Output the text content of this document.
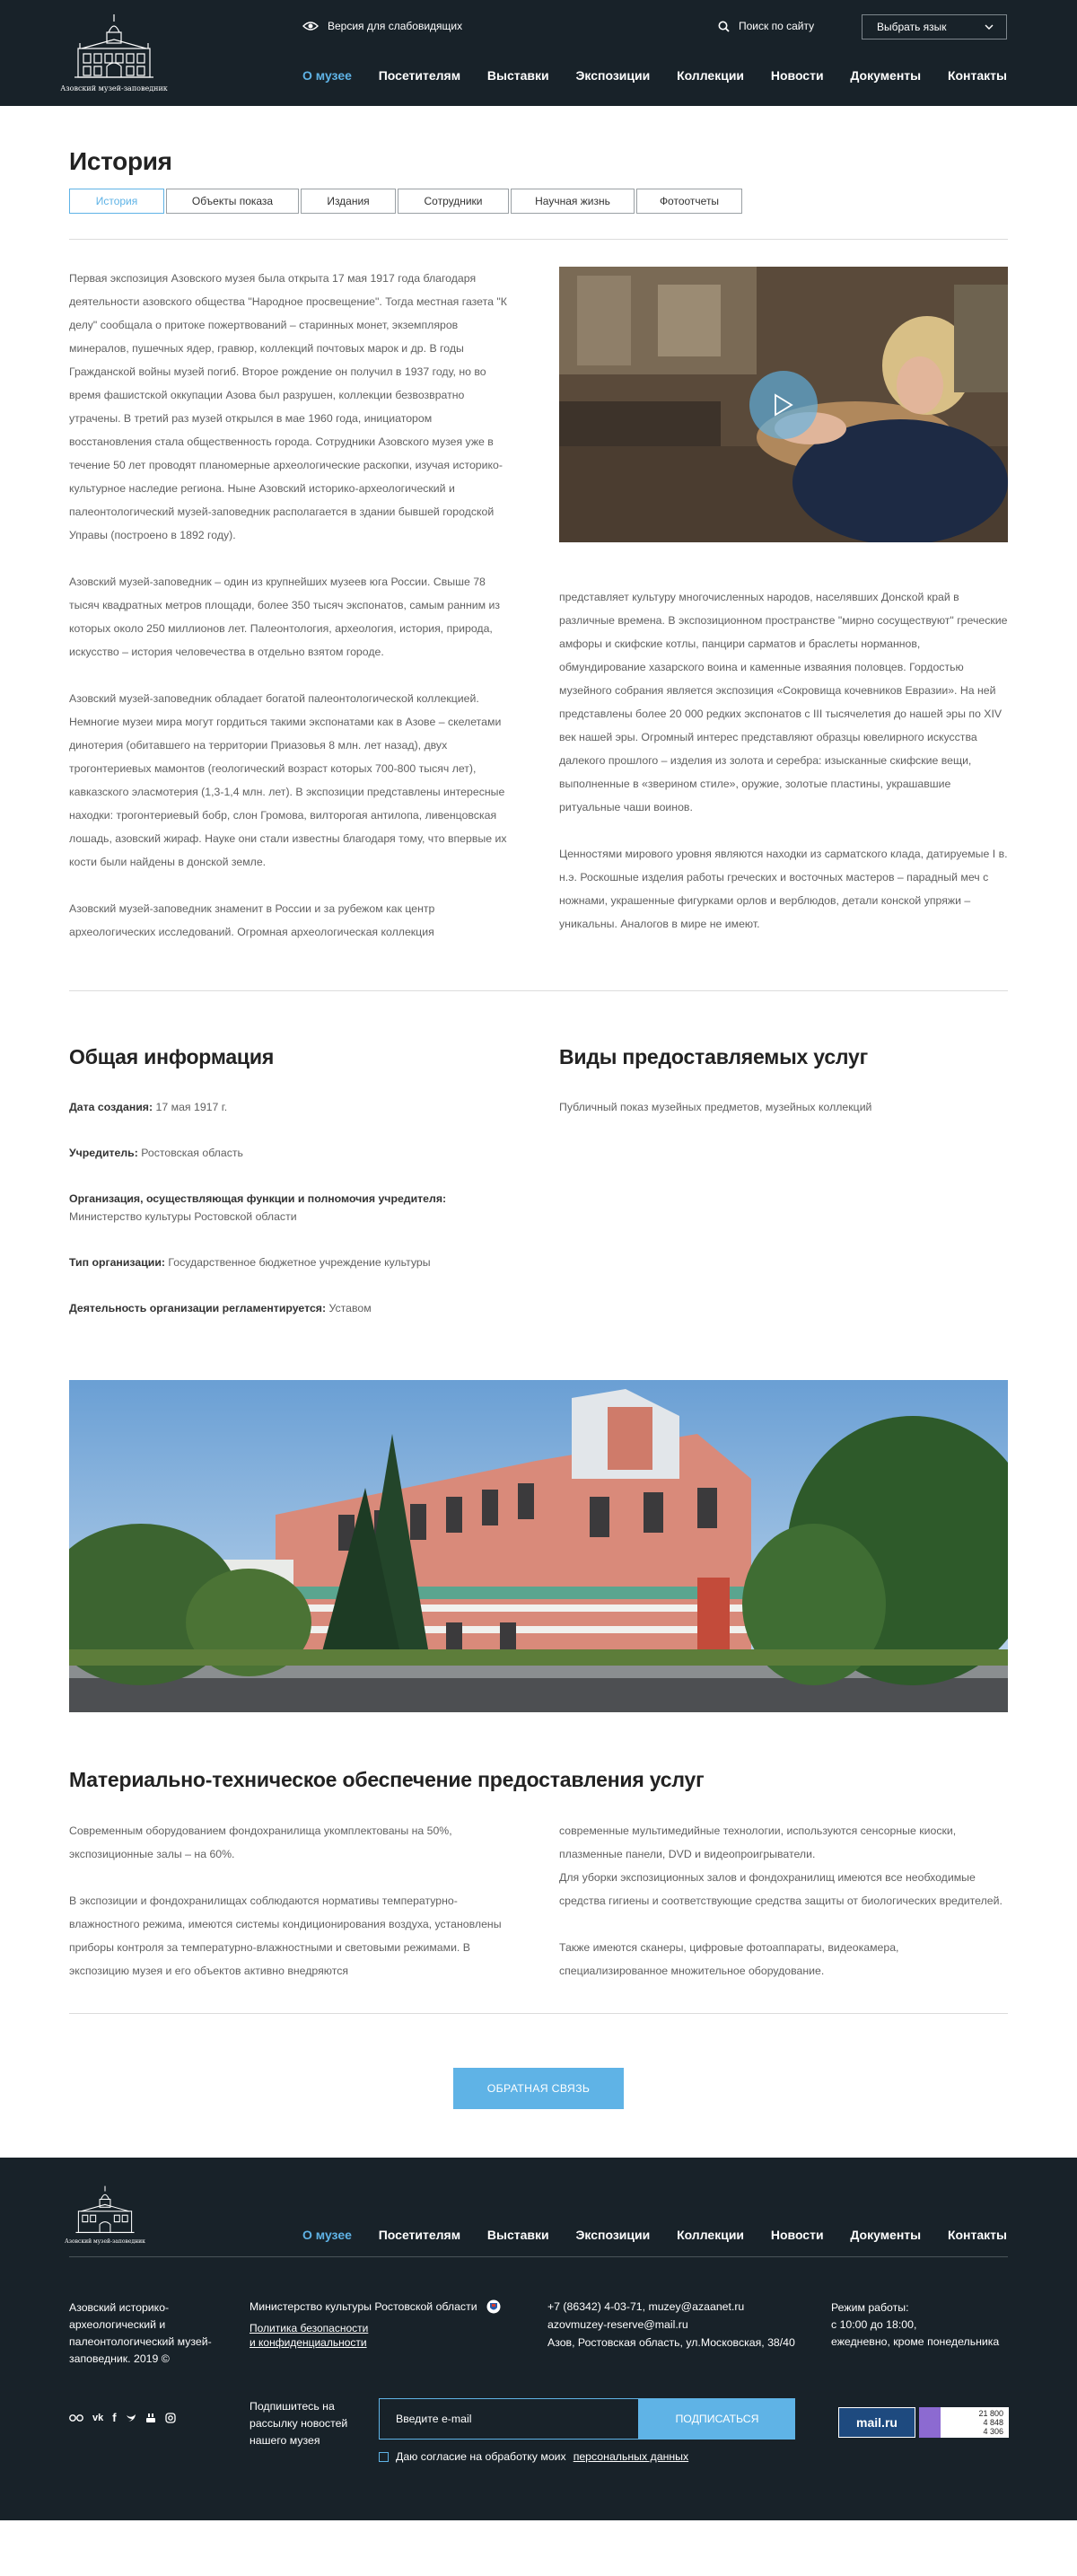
Азовский музей-заповедник
Версия для слабовидящих	Поиск по сайту	Выбрать язык
О музее Посетителям Выставки Экспозиции Коллекции Новости Документы Контакты
История
История	Объекты показа	Издания	Сотрудники	Научная жизнь	Фотоотчеты

Первая экспозиция Азовского музея была открыта 17 мая 1917 года благодаря деятельности азовского общества "Народное просвещение". Тогда местная газета "К делу" сообщала о притоке пожертвований – старинных монет, экземпляров минералов, пушечных ядер, гравюр, коллекций почтовых марок и др. В годы Гражданской войны музей погиб. Второе рождение он получил в 1937 году, но во время фашистской оккупации Азова был разрушен, коллекции безвозвратно утрачены. В третий раз музей открылся в мае 1960 года, инициатором восстановления стала общественность города. Сотрудники Азовского музея уже в течение 50 лет проводят планомерные археологические раскопки, изучая историко-культурное наследие региона. Ныне Азовский историко-археологический и палеонтологический музей-заповедник располагается в здании бывшей городской Управы (построено в 1892 году).

Азовский музей-заповедник – один из крупнейших музеев юга России. Свыше 78 тысяч квадратных метров площади, более 350 тысяч экспонатов, самым ранним из которых около 250 миллионов лет. Палеонтология, археология, история, природа, искусство – история человечества в отдельно взятом городе.

Азовский музей-заповедник обладает богатой палеонтологической коллекцией. Немногие музеи мира могут гордиться такими экспонатами как в Азове – скелетами динотерия (обитавшего на территории Приазовья 8 млн. лет назад), двух трогонтериевых мамонтов (геологический возраст которых 700-800 тысяч лет), кавказского эласмотерия (1,3-1,4 млн. лет). В экспозиции представлены интересные находки: трогонтериевый бобр, слон Громова, вилторогая антилопа, ливенцовская лошадь, азовский жираф. Науке они стали известны благодаря тому, что впервые их кости были найдены в донской земле.

Азовский музей-заповедник знаменит в России и за рубежом как центр археологических исследований. Огромная археологическая коллекция

представляет культуру многочисленных народов, населявших Донской край в различные времена. В экспозиционном пространстве "мирно сосуществуют" греческие амфоры и скифские котлы, панцири сарматов и браслеты норманнов, обмундирование хазарского воина и каменные изваяния половцев. Гордостью музейного собрания является экспозиция «Сокровища кочевников Евразии». На ней представлены более 20 000 редких экспонатов с III тысячелетия до нашей эры по XIV век нашей эры. Огромный интерес представляют образцы ювелирного искусства далекого прошлого – изделия из золота и серебра: изысканные скифские вещи, выполненные в «зверином стиле», оружие, золотые пластины, украшавшие ритуальные чаши воинов.

Ценностями мирового уровня являются находки из сарматского клада, датируемые I в. н.э. Роскошные изделия работы греческих и восточных мастеров – парадный меч с ножнами, украшенные фигурками орлов и верблюдов, детали конской упряжи – уникальны. Аналогов в мире не имеют.

Общая информация
Дата создания: 17 мая 1917 г.
Учредитель: Ростовская область
Организация, осуществляющая функции и полномочия учредителя:
Министерство культуры Ростовской области
Тип организации: Государственное бюджетное учреждение культуры
Деятельность организации регламентируется: Уставом
Виды предоставляемых услуг
Публичный показ музейных предметов, музейных коллекций
Материально-техническое обеспечение предоставления услуг

Современным оборудованием фондохранилища укомплектованы на 50%, экспозиционные залы – на 60%.

В экспозиции и фондохранилищах соблюдаются нормативы температурно-влажностного режима, имеются системы кондиционирования воздуха, установлены приборы контроля за температурно-влажностными и световыми режимами. В экспозицию музея и его объектов активно внедряются

современные мультимедийные технологии, используются сенсорные киоски, плазменные панели, DVD и видеопроигрыватели.

Для уборки экспозиционных залов и фондохранилищ имеются все необходимые средства гигиены и соответствующие средства защиты от биологических вредителей.

Также имеются сканеры, цифровые фотоаппараты, видеокамера, специализированное множительное оборудование.

ОБРАТНАЯ СВЯЗЬ
Азовский музей-заповедник	О музее Посетителям Выставки Экспозиции Коллекции Новости Документы Контакты
Азовский историко-археологический и палеонтологический музей-заповедник. 2019 ©
Министерство культуры Ростовской области
Политика безопасности
и конфиденциальности
+7 (86342) 4-03-71, muzey@azaanet.ru
azovmuzey-reserve@mail.ru
Азов, Ростовская область, ул.Московская, 38/40
Режим работы:
с 10:00 до 18:00,
ежедневно, кроме понедельника
vk f
Подпишитесь на рассылку новостей нашего музея
Введите e-mail
ПОДПИСАТЬСЯ
Даю согласие на обработку моих персональных данных
mail.ru
21 800
4 848
4 306
